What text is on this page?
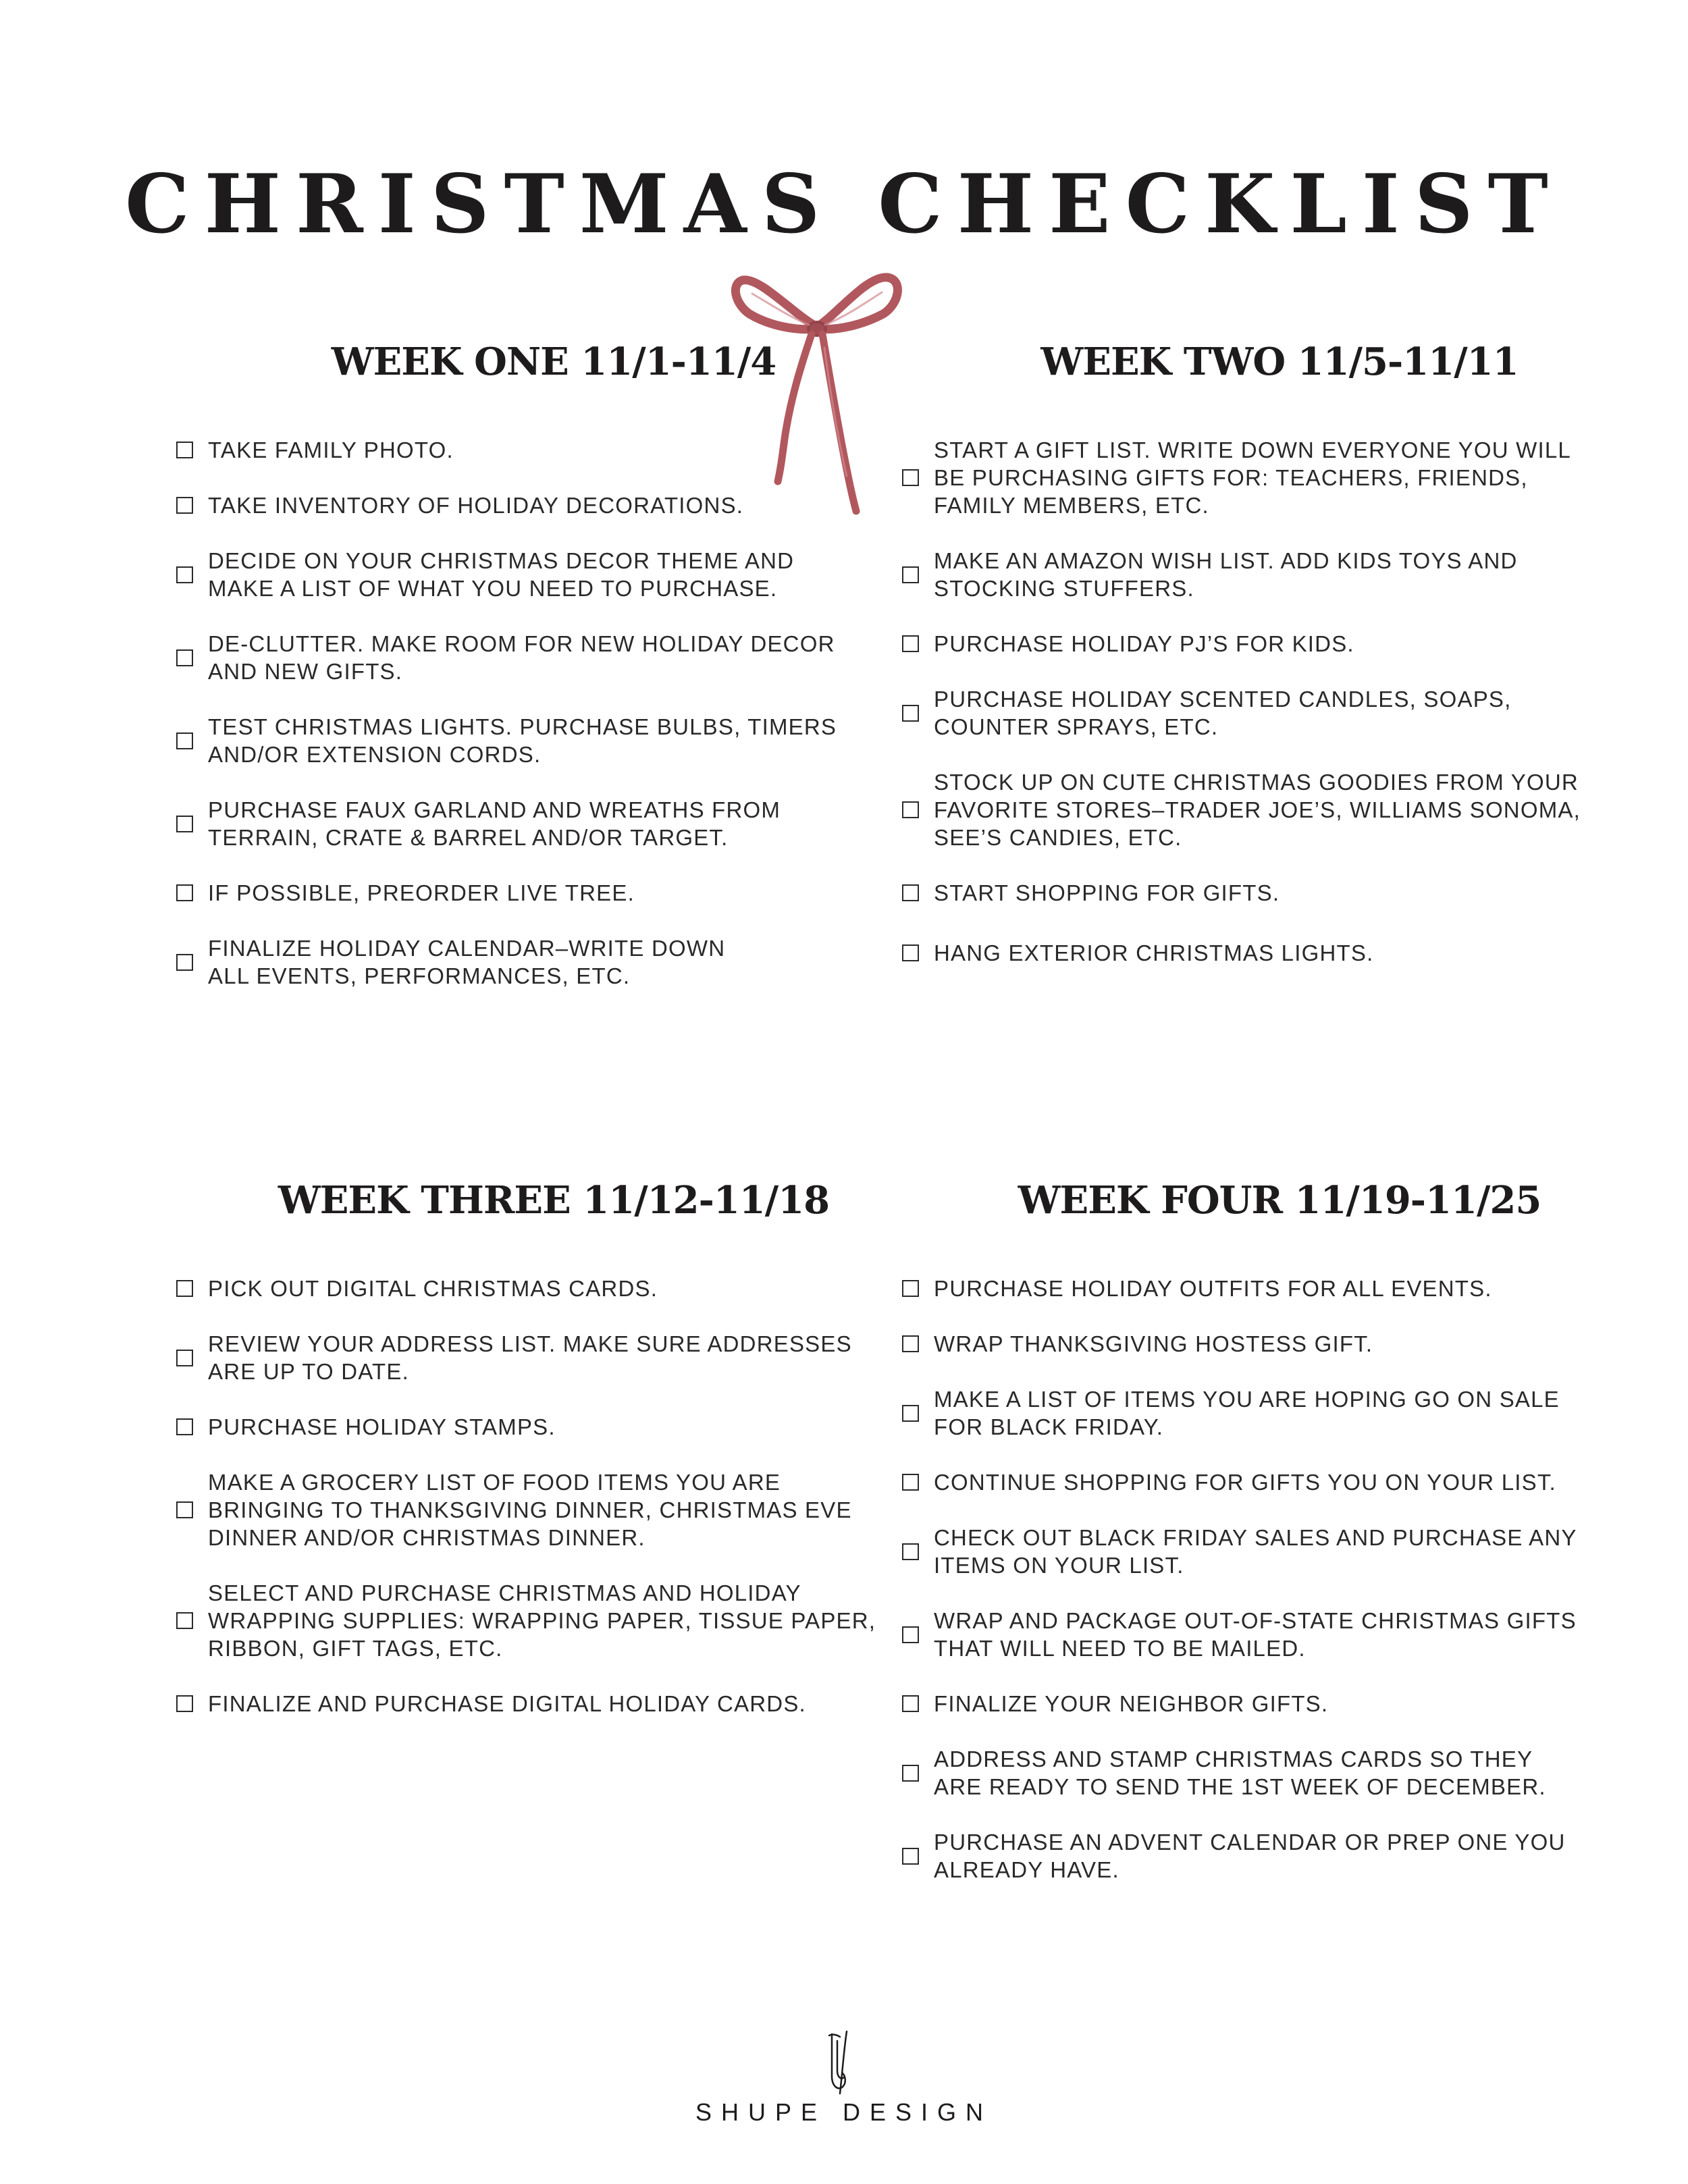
CHRISTMAS CHECKLIST
WEEK ONE 11/1-11/4
TAKE FAMILY PHOTO.
TAKE INVENTORY OF HOLIDAY DECORATIONS.
DECIDE ON YOUR CHRISTMAS DECOR THEME AND
MAKE A LIST OF WHAT YOU NEED TO PURCHASE.
DE-CLUTTER. MAKE ROOM FOR NEW HOLIDAY DECOR
AND NEW GIFTS.
TEST CHRISTMAS LIGHTS. PURCHASE BULBS, TIMERS
AND/OR EXTENSION CORDS.
PURCHASE FAUX GARLAND AND WREATHS FROM
TERRAIN, CRATE & BARREL AND/OR TARGET.
IF POSSIBLE, PREORDER LIVE TREE.
FINALIZE HOLIDAY CALENDAR–WRITE DOWN
ALL EVENTS, PERFORMANCES, ETC.
WEEK TWO 11/5-11/11
START A GIFT LIST. WRITE DOWN EVERYONE YOU WILL
BE PURCHASING GIFTS FOR: TEACHERS, FRIENDS,
FAMILY MEMBERS, ETC.
MAKE AN AMAZON WISH LIST. ADD KIDS TOYS AND
STOCKING STUFFERS.
PURCHASE HOLIDAY PJ’S FOR KIDS.
PURCHASE HOLIDAY SCENTED CANDLES, SOAPS,
COUNTER SPRAYS, ETC.
STOCK UP ON CUTE CHRISTMAS GOODIES FROM YOUR
FAVORITE STORES–TRADER JOE’S, WILLIAMS SONOMA,
SEE’S CANDIES, ETC.
START SHOPPING FOR GIFTS.
HANG EXTERIOR CHRISTMAS LIGHTS.
WEEK THREE 11/12-11/18
PICK OUT DIGITAL CHRISTMAS CARDS.
REVIEW YOUR ADDRESS LIST. MAKE SURE ADDRESSES
ARE UP TO DATE.
PURCHASE HOLIDAY STAMPS.
MAKE A GROCERY LIST OF FOOD ITEMS YOU ARE
BRINGING TO THANKSGIVING DINNER, CHRISTMAS EVE
DINNER AND/OR CHRISTMAS DINNER.
SELECT AND PURCHASE CHRISTMAS AND HOLIDAY
WRAPPING SUPPLIES: WRAPPING PAPER, TISSUE PAPER,
RIBBON, GIFT TAGS, ETC.
FINALIZE AND PURCHASE DIGITAL HOLIDAY CARDS.
WEEK FOUR 11/19-11/25
PURCHASE HOLIDAY OUTFITS FOR ALL EVENTS.
WRAP THANKSGIVING HOSTESS GIFT.
MAKE A LIST OF ITEMS YOU ARE HOPING GO ON SALE
FOR BLACK FRIDAY.
CONTINUE SHOPPING FOR GIFTS YOU ON YOUR LIST.
CHECK OUT BLACK FRIDAY SALES AND PURCHASE ANY
ITEMS ON YOUR LIST.
WRAP AND PACKAGE OUT-OF-STATE CHRISTMAS GIFTS
THAT WILL NEED TO BE MAILED.
FINALIZE YOUR NEIGHBOR GIFTS.
ADDRESS AND STAMP CHRISTMAS CARDS SO THEY
ARE READY TO SEND THE 1ST WEEK OF DECEMBER.
PURCHASE AN ADVENT CALENDAR OR PREP ONE YOU
ALREADY HAVE.
SHUPE DESIGN
